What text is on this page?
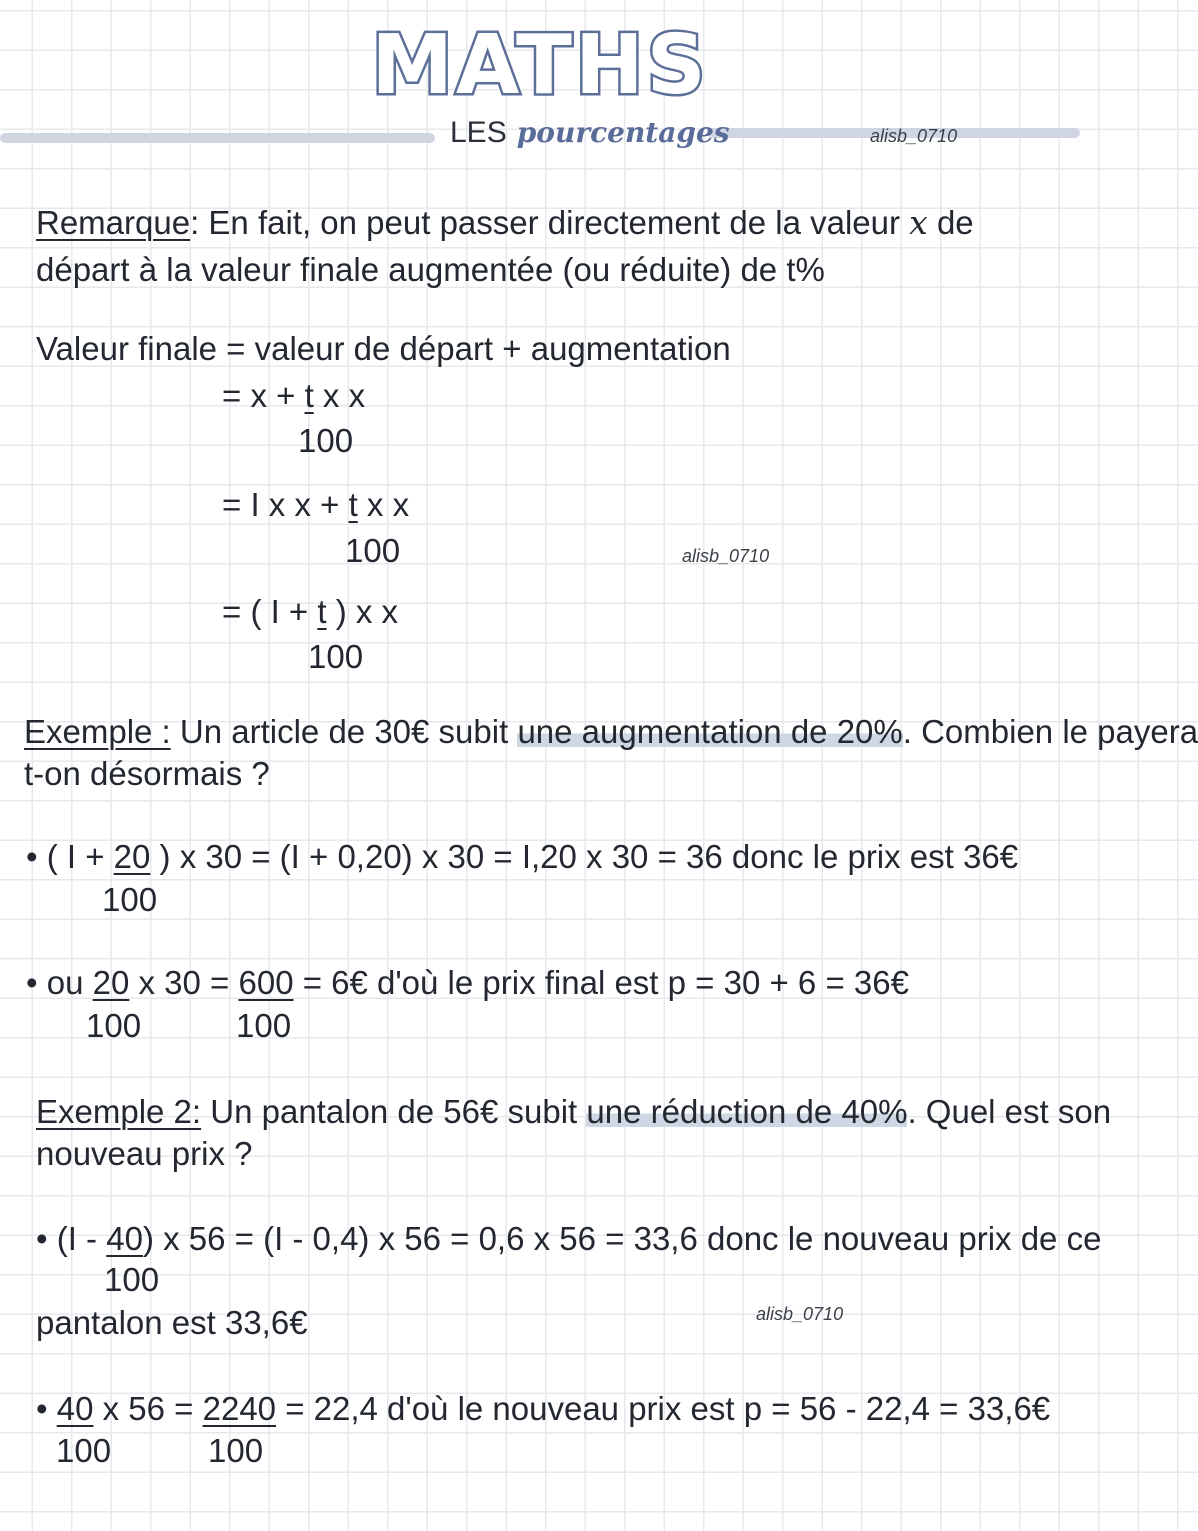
MATHS
LES pourcentages	alisb_0710
Remarque: En fait, on peut passer directement de la valeur x de
départ à la valeur finale augmentée (ou réduite) de t%
Valeur finale = valeur de départ + augmentation
= x + t x x
100
= I x x + t x x
100	alisb_0710
= ( I + t ) x x
100
Exemple : Un article de 30€ subit une augmentation de 20%. Combien le payera
t-on désormais ?
• ( I + 20 ) x 30 = (I + 0,20) x 30 = I,20 x 30 = 36 donc le prix est 36€
100
• ou 20 x 30 = 600 = 6€ d'où le prix final est p = 30 + 6 = 36€
100	100
Exemple 2: Un pantalon de 56€ subit une réduction de 40%. Quel est son
nouveau prix ?
• (I - 40) x 56 = (I - 0,4) x 56 = 0,6 x 56 = 33,6 donc le nouveau prix de ce
100
pantalon est 33,6€	alisb_0710
• 40 x 56 = 2240 = 22,4 d'où le nouveau prix est p = 56 - 22,4 = 33,6€
100	100
